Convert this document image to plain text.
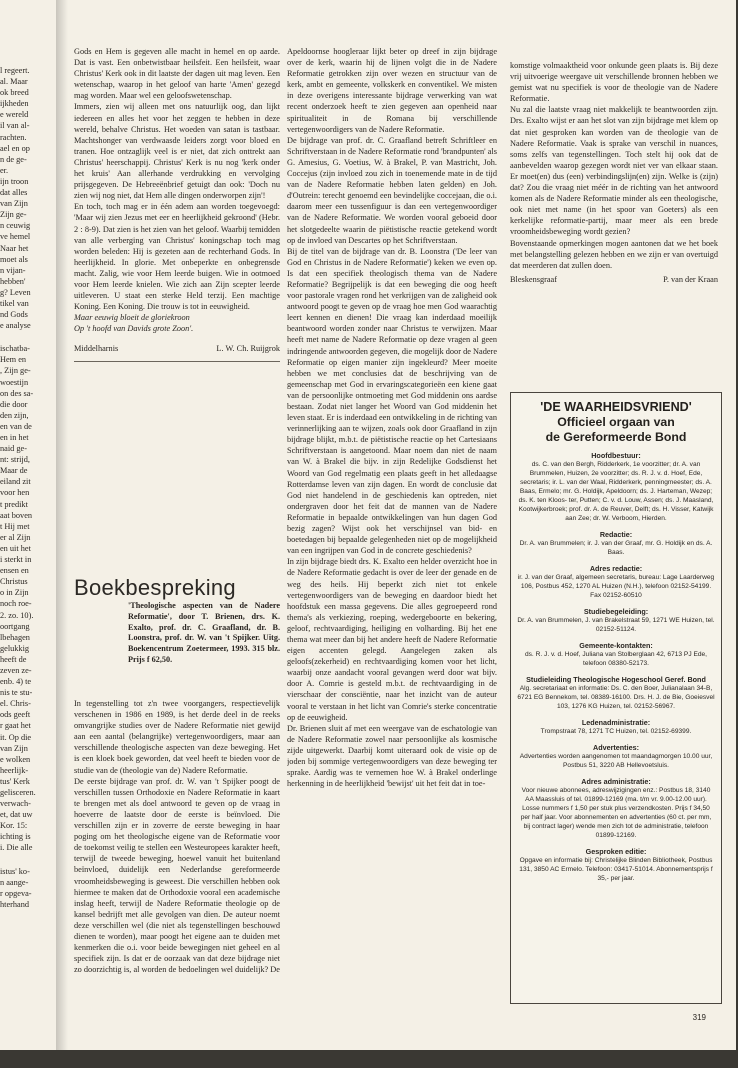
l regeert.
al. Maar
ok breed
ijkheden
e wereld
il van al-
rachten.
ael en op
n de ge-
er.
ijn troon
dat alles
van Zijn
Zijn ge-
n ceuwig
ve hemel
Naar het
moet als
n vijan-
hebben'
g? Leven
tikel van
nd Gods
e analyse
ischatba-
Hem en
, Zijn ge-
woestijn
on des sa-
die door
den zijn,
en van de
en in het
naid ge-
nt: strijd,
Maar de
eiland zit
voor hen
t predikt
aat boven
t Hij met
er al Zijn
en uit het
i sterkt in
ensen en
Christus
o in Zijn
noch roe-
2. zo. 10).
oortgang
lbehagen
gelukkig
heeft de
zeven ze-
enb. 4) te
nis te stu-
el. Chris-
ods geeft
r gaat het
it. Op die
van Zijn
e wolken
heerlijk-
tus' Kerk
gelisceren.
verwach-
et, dat uw
Kor. 15:
ichting is
i. Die alle
istus' ko-
n aange-
r opgeva-
hterhand

Gods en Hem is gegeven alle macht in hemel en op aarde. Dat is vast. Een onbetwistbaar heilsfeit. Een heilsfeit, waar Christus' Kerk ook in dit laatste der dagen uit mag leven. Een wetenschap, waarop in het geloof van harte 'Amen' gezegd mag worden. Maar wel een geloofswetenschap.

Immers, zien wij alleen met ons natuurlijk oog, dan lijkt iedereen en alles het voor het zeggen te hebben in deze wereld, behalve Christus. Het woeden van satan is tastbaar. Machtshonger van verdwaasde leiders zorgt voor bloed en tranen. Hoe ontzaglijk veel is er niet, dat zich onttrekt aan Christus' heerschappij. Christus' Kerk is nu nog 'kerk onder het kruis' Aan allerhande verdrukking en vervolging prijsgegeven. De Hebreeënbrief getuigt dan ook: 'Doch nu zien wij nog niet, dat Hem alle dingen onderworpen zijn'!

En toch, toch mag er in één adem aan worden toegevoegd: 'Maar wij zien Jezus met eer en heerlijkheid gekroond' (Hebr. 2 : 8-9). Dat zien is het zien van het geloof. Waarbij temidden van alle verberging van Christus' koningschap toch mag worden beleden: Hij is gezeten aan de rechterhand Gods. In heerlijkheid. In glorie. Met onbeperkte en onbegrensde macht. Zalig, wie voor Hem leerde buigen. Wie in ootmoed voor Hem leerde knielen. Wie zich aan Zijn scepter leerde uitleveren. U staat een sterke Held terzij. Een machtige Koning. Een Koning. Die trouw is tot in eeuwigheid.

Maar eeuwig bloeit de gloriekroon

Op 't hoofd van Davids grote Zoon'.

Middelharnis	L. W. Ch. Ruijgrok
Boekbespreking

'Theologische aspecten van de Nadere Reformatie', door T. Brienen, drs. K. Exalto, prof. dr. C. Graafland, dr. B. Loonstra, prof. dr. W. van 't Spijker. Uitg. Boekencentrum Zoetermeer, 1993. 315 blz. Prijs f 62,50.

In tegenstelling tot z'n twee voorgangers, respectievelijk verschenen in 1986 en 1989, is het derde deel in de reeks omvangrijke studies over de Nadere Reformatie niet gewijd aan een aantal (belangrijke) vertegenwoordigers, maar aan verschillende theologische aspecten van deze beweging. Het is een kloek boek geworden, dat veel heeft te bieden voor de studie van de (theologie van de) Nadere Reformatie.

De eerste bijdrage van prof. dr. W. van 't Spijker poogt de verschillen tussen Orthodoxie en Nadere Reformatie in kaart te brengen met als doel antwoord te geven op de vraag in hoeverre de laatste door de eerste is beïnvloed. Die verschillen zijn er in zoverre de eerste beweging in haar poging om het theologische eigene van de Reformatie voor de toekomst veilig te stellen een Westeuropees karakter heeft, terwijl de tweede beweging, hoewel vanuit het buitenland beïnvloed, duidelijk een Nederlandse gereformeerde vroomheidsbeweging is geweest. Die verschillen hebben ook hiermee te maken dat de Orthodoxie vooral een academische inslag heeft, terwijl de Nadere Reformatie theologie op de kansel bedrijft met alle gevolgen van dien. De auteur noemt deze verschillen wel (die niet als tegenstellingen beschouwd dienen te worden), maar poogt het eigene aan te duiden met kenmerken die o.i. voor beide bewegingen niet geheel en al specifiek zijn. Is dat er de oorzaak van dat deze bijdrage niet zo doorzichtig is, al worden de bedoelingen wel duidelijk? De

Apeldoornse hoogleraar lijkt beter op dreef in zijn bijdrage over de kerk, waarin hij de lijnen volgt die in de Nadere Reformatie getrokken zijn over wezen en structuur van de kerk, ambt en gemeente, volkskerk en conventikel. We misten in deze overigens interessante bijdrage verwerking van wat recent onderzoek heeft te zien gegeven aan openheid naar spiritualiteit in de Romana bij verschillende vertegenwoordigers van de Nadere Reformatie.

De bijdrage van prof. dr. C. Graafland betreft Schriftleer en Schriftverstaan in de Nadere Reformatie rond 'brandpunten' als G. Amesius, G. Voetius, W. à Brakel, P. van Mastricht, Joh. Coccejus (zijn invloed zou zich in toenemende mate in de tijd van de Nadere Reformatie hebben laten gelden) en Joh. d'Outrein: terecht genoemd een bevindelijke coccejaan, die o.i. daarom meer een tussenfiguur is dan een vertegenwoordiger van de Nadere Reformatie. We worden vooral geboeid door het slotgedeelte waarin de piëtistische reactie getekend wordt op de invloed van Descartes op het Schriftverstaan.

Bij de titel van de bijdrage van dr. B. Loonstra ('De leer van God en Christus in de Nadere Reformatie') keken we even op. Is dat een specifiek theologisch thema van de Nadere Reformatie? Begrijpelijk is dat een beweging die oog heeft voor pastorale vragen rond het verkrijgen van de zaligheid ook antwoord poogt te geven op de vraag hoe men God waarachtig leert kennen en dienen! Die vraag kan inderdaad moeilijk beantwoord worden zonder naar Christus te verwijzen. Maar heeft met name de Nadere Reformatie op deze vragen al geen indringende antwoorden gegeven, die mogelijk door de Nadere Reformatie op eigen manier zijn ingekleurd? Meer moeite hebben we met conclusies dat de beschrijving van de gemeenschap met God in ervaringscategorieën een kiene gaat van de persoonlijke ontmoeting met God middenin ons aardse bestaan. Zodat niet langer het Woord van God middenin het leven staat. Er is inderdaad een ontwikkeling in de richting van verinnerlijking aan te wijzen, zoals ook door Graafland in zijn bijdrage blijkt, m.b.t. de piëtistische reactie op het Cartesiaans Schriftverstaan is aangetoond. Maar noem dan niet de naam van W. à Brakel die bijv. in zijn Redelijke Godsdienst het Woord van God regelmatig een plaats geeft in het alledaagse Rotterdamse leven van zijn dagen. En wordt de conclusie dat God niet handelend in de geschiedenis kan optreden, niet ondergraven door het feit dat de mannen van de Nadere Reformatie in bepaalde ontwikkelingen van hun dagen God bezig zagen? Wijst ook het verschijnsel van bid- en boetedagen bij bepaalde gelegenheden niet op de mogelijkheid van een ingrijpen van God in de concrete geschiedenis?

In zijn bijdrage biedt drs. K. Exalto een helder overzicht hoe in de Nadere Reformatie gedacht is over de leer der genade en de weg des heils. Hij beperkt zich niet tot enkele vertegenwoordigers van de beweging en daardoor biedt het hoofdstuk een massa gegevens. Die alles gegroepeerd rond thema's als verkiezing, roeping, wedergeboorte en bekering, geloof, rechtvaardiging, heiliging en volharding. Bij het ene thema wat meer dan bij het andere heeft de Nadere Reformatie eigen accenten gelegd. Aangelegen zaken als geloofs(zekerheid) en rechtvaardiging komen voor het licht, waarbij onze aandacht vooral gevangen werd door wat bijv. door A. Comrie is gesteld m.b.t. de rechtvaardiging in de vierschaar der consciëntie, naar het inzicht van de auteur vooral te verstaan in het licht van Comrie's sterke concentratie op de eeuwigheid.

Dr. Brienen sluit af met een weergave van de eschatologie van de Nadere Reformatie zowel naar persoonlijke als kosmische zijde uitgewerkt. Daarbij komt uiteraard ook de visie op de joden bij sommige vertegenwoordigers van deze beweging ter sprake. Aardig was te vernemen hoe W. à Brakel onderlinge herkenning in de heerlijkheid 'bewijst' uit het feit dat in toe-

komstige volmaaktheid voor onkunde geen plaats is. Bij deze vrij uitvoerige weergave uit verschillende bronnen hebben we gemist wat nu specifiek is voor de theologie van de Nadere Reformatie.

Nu zal die laatste vraag niet makkelijk te beantwoorden zijn. Drs. Exalto wijst er aan het slot van zijn bijdrage met klem op dat niet gesproken kan worden van de theologie van de Nadere Reformatie. Vaak is sprake van verschil in nuances, soms zelfs van tegenstellingen. Toch stelt hij ook dat de aanbevelden waarop gezegen wordt niet ver van elkaar staan. Er moet(en) dus (een) verbindingslijn(en) zijn. Welke is (zijn) dat? Zou die vraag niet méér in de richting van het antwoord komen als de Nadere Reformatie minder als een theologische, ook niet met name (in het spoor van Goeters) als een kerkelijke reformatie-partij, maar meer als een brede vroomheidsbeweging wordt gezien?

Bovenstaande opmerkingen mogen aantonen dat we het boek met belangstelling gelezen hebben en we zijn er van overtuigd dat meerderen dat zullen doen.

Bleskensgraaf	P. van der Kraan
'DE WAARHEIDSVRIEND'
Officieel orgaan van
de Gereformeerde Bond
Hoofdbestuur:
ds. C. van den Bergh, Ridderkerk, 1e voorzitter; dr. A. van Brummelen, Huizen, 2e voorzitter; ds. R. J. v. d. Hoef, Ede, secretaris; ir. L. van der Waal, Ridderkerk, penningmeester; ds. A. Baas, Ermelo; mr. G. Holdijk, Apeldoorn; ds. J. Harteman, Wezep; ds. K. ten Kloos- ter, Putten; C. v. d. Louw, Assen; ds. J. Maasland, Kootwijkerbroek; prof. dr. A. de Reuver, Delft; ds. H. Visser, Katwijk aan Zee; dr. W. Verboom, Hierden.
Redactie:
Dr. A. van Brummelen; ir. J. van der Graaf, mr. G. Holdijk en ds. A. Baas.
Adres redactie:
ir. J. van der Graaf, algemeen secretaris, bureau: Lage Laarderweg 106, Postbus 452, 1270 AL Huizen (N.H.), telefoon 02152-54199. Fax 02152-60510
Studiebegeleiding:
Dr. A. van Brummelen, J. van Brakelstraat 59, 1271 WE Huizen, tel. 02152-51124.
Gemeente-kontakten:
ds. R. J. v. d. Hoef, Juliana van Stolberglaan 42, 6713 PJ Ede, telefoon 08380-52173.
Studieleiding Theologische Hogeschool Geref. Bond
Alg. secretariaat en informatie: Ds. C. den Boer, Julianalaan 34-B, 6721 EG Bennekom, tel. 08389-16100. Drs. H. J. de Bie, Goeiesvel 103, 1276 KG Huizen, tel. 02152-56967.
Ledenadministratie:
Trompstraat 78, 1271 TC Huizen, tel. 02152-69399.
Advertenties:
Advertenties worden aangenomen tot maandagmorgen 10.00 uur, Postbus 51, 3220 AB Hellevoetsluis.
Adres administratie:
Voor nieuwe abonnees, adreswijzigingen enz.: Postbus 18, 3140 AA Maassluis of tel. 01899-12169 (ma. t/m vr. 9.00-12.00 uur). Losse nummers f 1,50 per stuk plus verzendkosten. Prijs f 34,50 per half jaar. Voor abonnementen en advertenties (60 ct. per mm, bij contract lager) wende men zich tot de administratie, telefoon 01899-12169.
Gesproken editie:
Opgave en informatie bij: Christelijke Blinden Bibliotheek, Postbus 131, 3850 AC Ermelo. Telefoon: 03417-51014. Abonnementsprijs f 35,- per jaar.
319
